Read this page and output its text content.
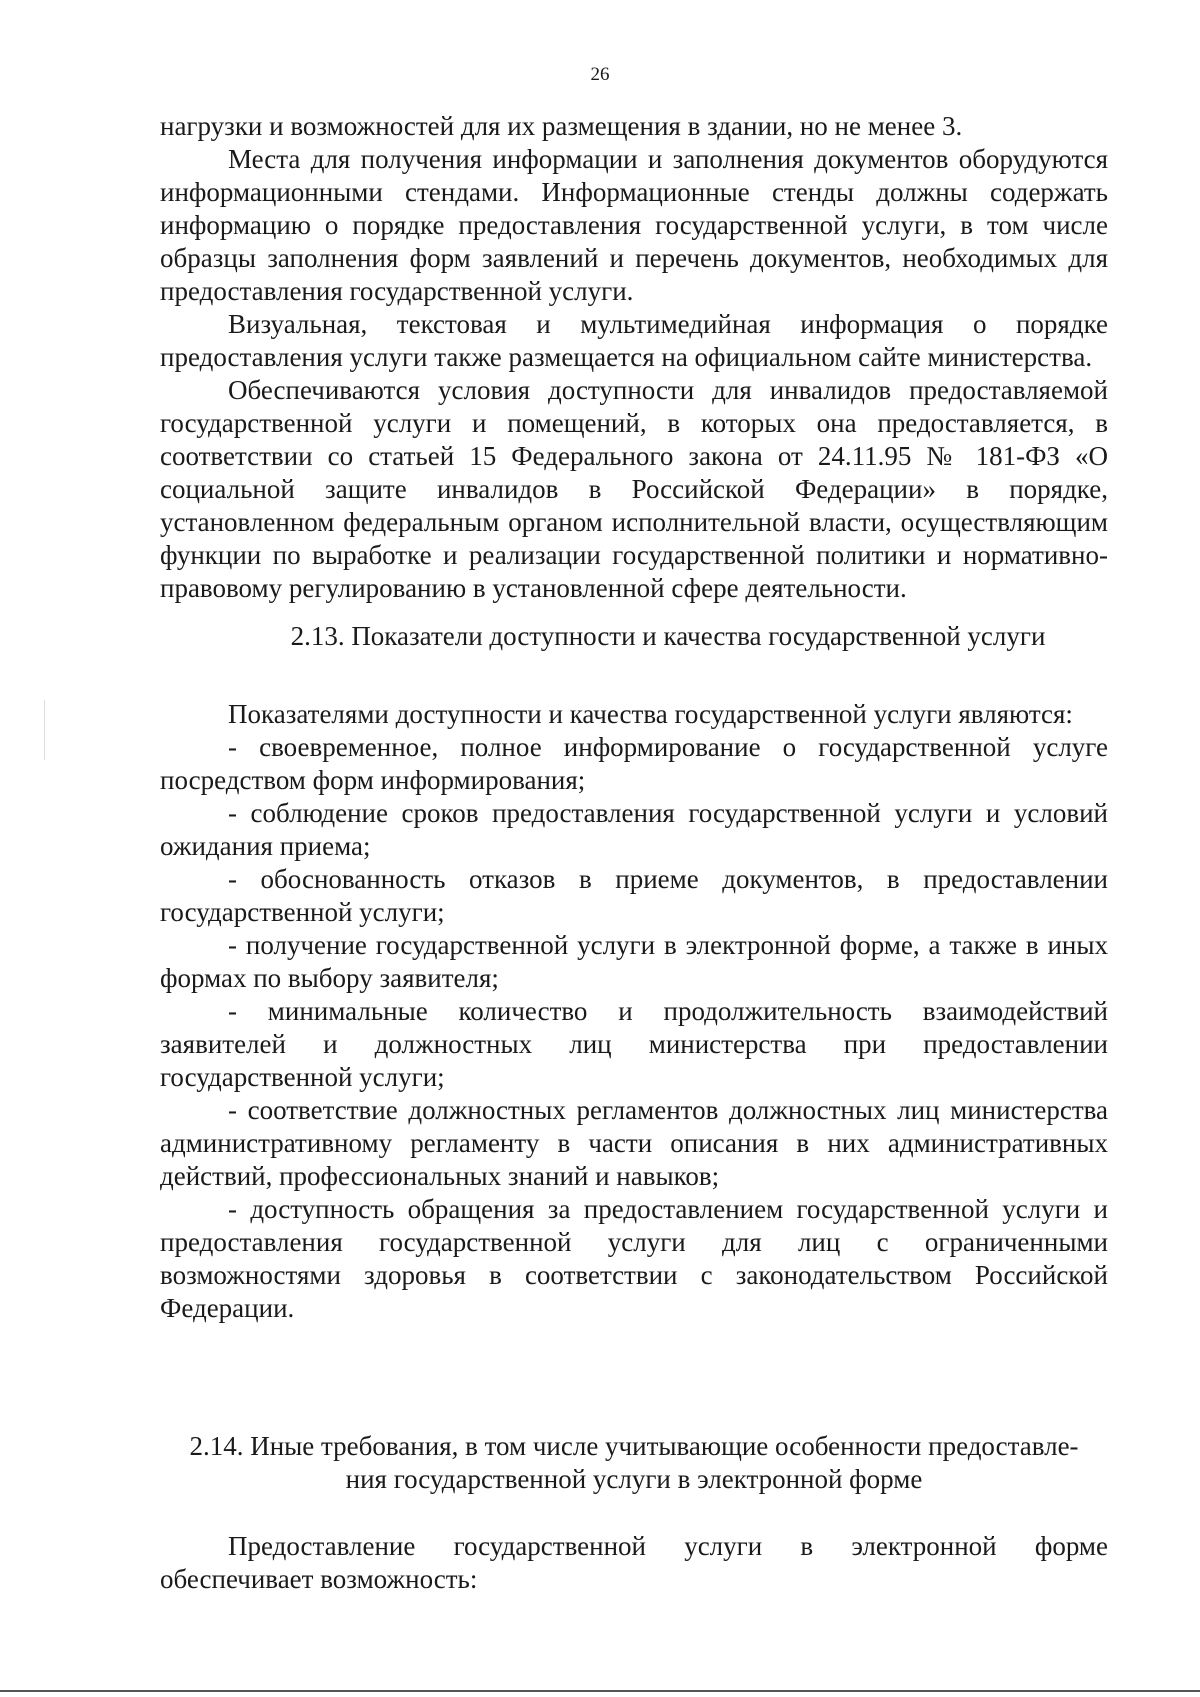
26

нагрузки и возможностей для их размещения в здании, но не менее 3.

Места для получения информации и заполнения документов оборудуются информационными стендами. Информационные стенды должны содержать информацию о порядке предоставления государственной услуги, в том числе образцы заполнения форм заявлений и перечень документов, необходимых для предоставления государственной услуги.

Визуальная, текстовая и мультимедийная информация о порядке предоставления услуги также размещается на официальном сайте министерства.

Обеспечиваются условия доступности для инвалидов предоставляемой государственной услуги и помещений, в которых она предоставляется, в соответствии со статьей 15 Федерального закона от 24.11.95 № 181-ФЗ «О социальной защите инвалидов в Российской Федерации» в порядке, установленном федеральным органом исполнительной власти, осуществляющим функции по выработке и реализации государственной политики и нормативно-правовому регулированию в установленной сфере деятельности.

2.13. Показатели доступности и качества государственной услуги

Показателями доступности и качества государственной услуги являются:

- своевременное, полное информирование о государственной услуге посредством форм информирования;

- соблюдение сроков предоставления государственной услуги и условий ожидания приема;

- обоснованность отказов в приеме документов, в предоставлении государственной услуги;

- получение государственной услуги в электронной форме, а также в иных формах по выбору заявителя;

- минимальные количество и продолжительность взаимодействий заявителей и должностных лиц министерства при предоставлении государственной услуги;

- соответствие должностных регламентов должностных лиц министерства административному регламенту в части описания в них административных действий, профессиональных знаний и навыков;

- доступность обращения за предоставлением государственной услуги и предоставления государственной услуги для лиц с ограниченными возможностями здоровья в соответствии с законодательством Российской Федерации.

2.14. Иные требования, в том числе учитывающие особенности предоставле-

ния государственной услуги в электронной форме

Предоставление государственной услуги в электронной форме обеспечивает возможность:
